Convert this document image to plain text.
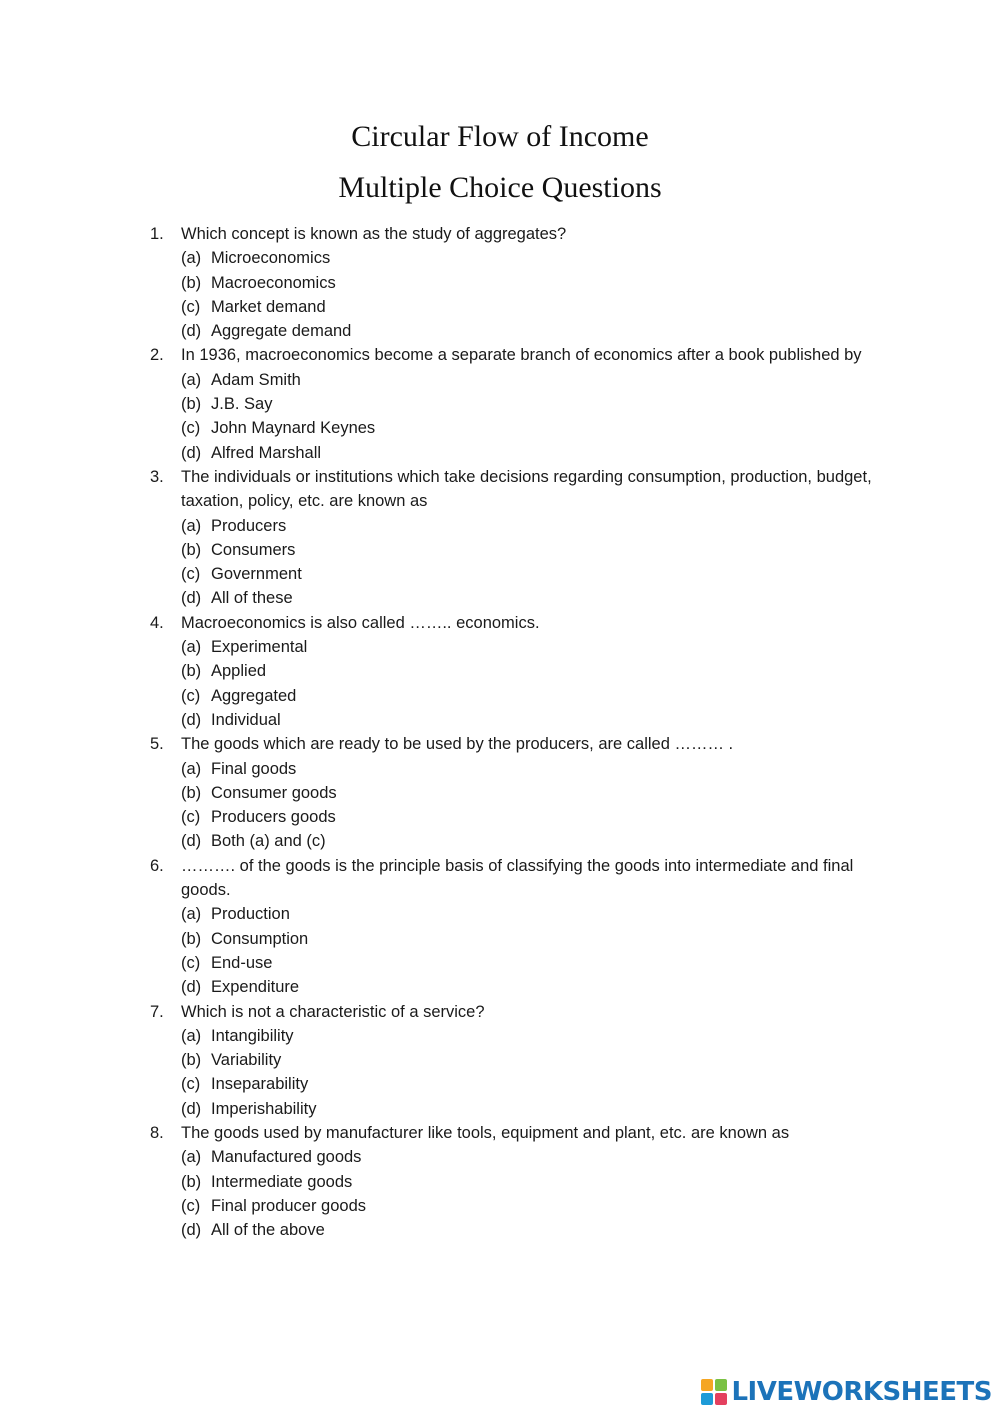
Circular Flow of Income
Multiple Choice Questions
1.	Which concept is known as the study of aggregates?
(a) Microeconomics
(b) Macroeconomics
(c) Market demand
(d) Aggregate demand
2.	In 1936, macroeconomics become a separate branch of economics after a book published by
(a) Adam Smith
(b) J.B. Say
(c) John Maynard Keynes
(d) Alfred Marshall
3.	The individuals or institutions which take decisions regarding consumption, production, budget, taxation, policy, etc. are known as
(a) Producers
(b) Consumers
(c) Government
(d) All of these
4.	Macroeconomics is also called …….. economics.
(a) Experimental
(b) Applied
(c) Aggregated
(d) Individual
5.	The goods which are ready to be used by the producers, are called ……… .
(a) Final goods
(b) Consumer goods
(c) Producers goods
(d) Both (a) and (c)
6.	………. of the goods is the principle basis of classifying the goods into intermediate and final goods.
(a) Production
(b) Consumption
(c) End-use
(d) Expenditure
7.	Which is not a characteristic of a service?
(a) Intangibility
(b) Variability
(c) Inseparability
(d) Imperishability
8.	The goods used by manufacturer like tools, equipment and plant, etc. are known as
(a) Manufactured goods
(b) Intermediate goods
(c) Final producer goods
(d) All of the above
LIVEWORKSHEETS
